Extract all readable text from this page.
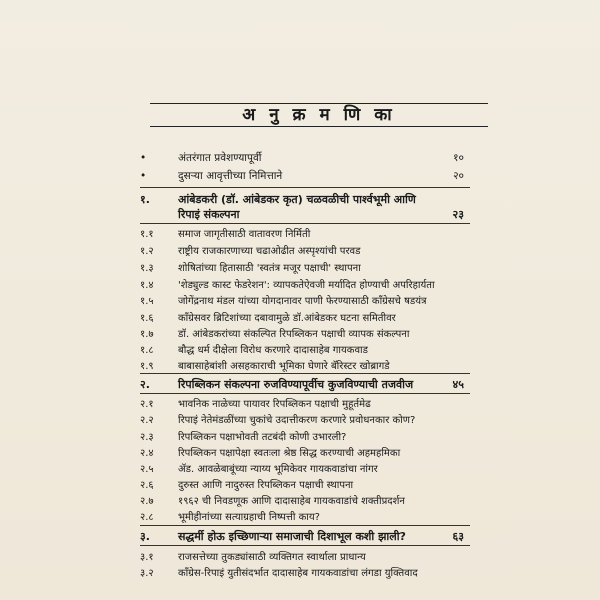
अ नु क्र म णि का
•	अंतरंगात प्रवेशण्यापूर्वी	१०
•	दुसऱ्या आवृत्तीच्या निमित्ताने	२०
१.	आंबेडकरी (डॉ. आंबेडकर कृत) चळवळीची पार्श्वभूमी आणि
रिपाइं संकल्पना	२३
१.१	समाज जागृतीसाठी वातावरण निर्मिती
१.२	राष्ट्रीय राजकारणाच्या चढाओढीत अस्पृश्यांची परवड
१.३	शोषितांच्या हितासाठी 'स्वतंत्र मजूर पक्षाची' स्थापना
१.४	'शेड्युल्ड कास्ट फेडरेशन': व्यापकतेऐवजी मर्यादित होण्याची अपरिहार्यता
१.५	जोगेंद्रनाथ मंडल यांच्या योगदानावर पाणी फेरण्यासाठी कॉंग्रेसचे षडयंत्र
१.६	कॉंग्रेसवर ब्रिटिशांच्या दबावामुळे डॉ.आंबेडकर घटना समितीवर
१.७	डॉ. आंबेडकरांच्या संकल्पित रिपब्लिकन पक्षाची व्यापक संकल्पना
१.८	बौद्ध धर्म दीक्षेला विरोध करणारे दादासाहेब गायकवाड
१.९	बाबासाहेबांशी असहकाराची भूमिका घेणारे बॅरिस्टर खोब्रागडे
२.	रिपब्लिकन संकल्पना रुजविण्यापूर्वीच कुजविण्याची तजवीज	४५
२.१	भावनिक नाळेच्या पायावर रिपब्लिकन पक्षाची मुहूर्तमेढ
२.२	रिपाइं नेतेमंडळींच्या चुकांचे उदात्तीकरण करणारे प्रवोधनकार कोण?
२.३	रिपब्लिकन पक्षाभोवती तटबंदी कोणी उभारली?
२.४	रिपब्लिकन पक्षापेक्षा स्वतःला श्रेष्ठ सिद्ध करण्याची अहमहमिका
२.५	ॲड. आवळेबाबूंच्या न्याय्य भूमिकेवर गायकवाडांचा नांगर
२.६	दुरुस्त आणि नादुरुस्त रिपब्लिकन पक्षाची स्थापना
२.७	१९६२ ची निवडणूक आणि दादासाहेब गायकवाडांचे शक्तीप्रदर्शन
२.८	भूमीहीनांच्या सत्याग्रहाची निष्पत्ती काय?
३.	सद्धर्मी होऊ इच्छिणाऱ्या समाजाची दिशाभूल कशी झाली?	६३
३.१	राजसत्तेच्या तुकड्यांसाठी व्यक्तिगत स्वार्थाला प्राधान्य
३.२	कॉंग्रेस-रिपाइं युतीसंदर्भात दादासाहेब गायकवाडांचा लंगडा युक्तिवाद
